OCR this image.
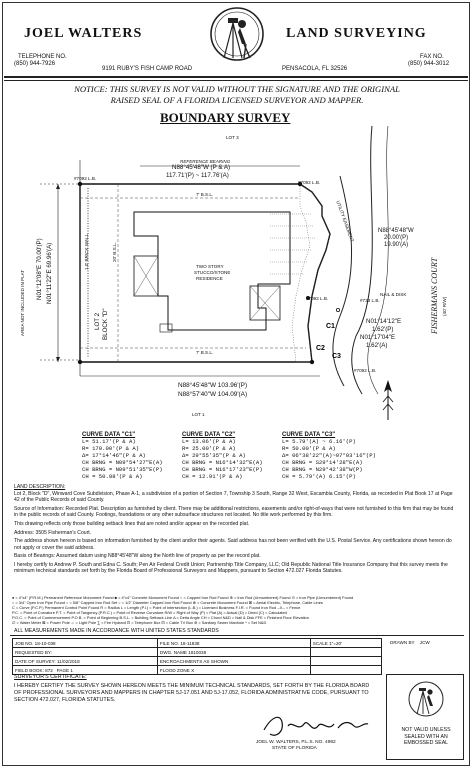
JOEL WALTERS	LAND SURVEYING
TELEPHONE NO.
(850) 944-7926
FAX NO.
(850) 944-3012
9191 RUBY'S FISH CAMP ROAD	PENSACOLA, FL 32526
NOTICE: THIS SURVEY IS NOT VALID WITHOUT THE SIGNATURE AND THE ORIGINAL
RAISED SEAL OF A FLORIDA LICENSED SURVEYOR AND MAPPER.
BOUNDARY SURVEY
C1
C2
C3
LOT 3
REFERENCE BEARING
N88°45'48"W (P & A)
117.71'(P) ~ 117.76'(A)
#7092 L.B.
#7092 L.B.
7' B.S.L.
N01°12'08"E 70.00'(P) N01°11'22"E 69.96'(A)
AREA NOT INCLUDED IN PLAT
1.0' BRICK WALL	20' B.S.L.
TWO STORY
STUCCO/STONE
RESIDENCE
LOT 2 BLOCK "D"
7' B.S.L.
UTILITY EASEMENT	N88°45'48"W
20.00'(P)
19.90'(A)
NAIL & DISK
#733 L.B.
#7092 L.B.
N01°14'12"E
1.62'(P)
N01°17'04"E
1.62'(A)
#7092 L.B.
FISHERMANS COURT (40' R/W)
N88°45'48"W 103.96'(P)
N88°57'40"W 104.09'(A)
LOT 1
CURVE DATA "C1"
L= 51.17'(P & A)
R= 170.00'(P & A)
Δ= 17°14'46"(P & A)
CH BRNG = N09°54'27"E(A)
CH BRNG = N09°51'35"E(P)
CH = 50.98'(P & A)
CURVE DATA "C2"
L= 13.06'(P & A)
R= 25.00'(P & A)
Δ= 29°55'35"(P & A)
CH BRNG = N16°14'32"E(A)
CH BRNG = N16°17'23"E(P)
CH = 12.91'(P & A)
CURVE DATA "C3"
L= 5.79'(A) ~ 6.16'(P)
R= 50.00'(P & A)
Δ= 06°38'22"(A)~07°03'16"(P)
CH BRNG = S29°14'28"E(A)
CH BRNG = N29°42'38"W(P)
CH = 5.79'(A) 6.15'(P)

LAND DESCRIPTION:

Lot 2, Block "D", Winward Cove Subdivision, Phase A-1, a subdivision of a portion of Section 7, Township 3 South, Range 32 West, Escambia County, Florida, as recorded in Plat Book 17 at Page 42 of the Public Records of said County.

Source of Information: Recorded Plat. Description as furnished by client. There may be additional restrictions, easements and/or right-of-ways that were not furnished to this firm that may be found in the public records of said County. Footings, foundations or any other subsurface structures not located. No title work performed by this firm.

This drawing reflects only those building setback lines that are noted and/or appear on the recorded plat.

Address: 3505 Fisherman's Court.

The address shown hereon is based on information furnished by the client and/or their agents. Said address has not been verified with the U.S. Postal Service. Any certifications shown hereon do not apply or cover the said address.

Basis of Bearings: Assumed datum using N88°45'48"W along the North line of property as per the record plat.

I hereby certify to Andrew P. South and Edna C. South; Pen Air Federal Credit Union; Partnership Title Company, LLC; Old Republic National Title Insurance Company that this survey meets the minimum technical standards set forth by the Florida Board of Professional Surveyors and Mappers, pursuant to Section 472.027 Florida Statutes.

● = 4"x4" (P.R.M.) Permanent Reference Monument Found ■ = 4"x4" Concrete Monument Found ○ = Capped Iron Rod Found ⊕ = Iron Rod (Unnumbered) Found ⊙ = Iron Pipe (Unnumbered) Found
○ = 3/4" Open Iron Pipe Found ○ = 5/8" Capped Iron Rod Set ○ = 1/2" Diameter Capped Iron Rod Found ⊗ = Concrete Monument Found ⊠ = Aerial Electric, Telephone, Cable Lines
C = Curve (P.C.P.) Permanent Control Point Found R = Radius L = Length (P.I.) = Point of Intersection (L.B.) = Licensed Business F.I.R. = Found Iron Rod --X-- = Fence
P.C. = Point of Curvature P.T. = Point of Tangency (P.R.C.) = Point of Reverse Curvature R/W = Right of Way (P) = Plat (A) = Actual (D) = Deed (C) = Calculated
P.O.C. = Point of Commencement P.O.B. = Point of Beginning B.S.L. = Building Setback Line Δ = Delta Angle CH = Chord N&D = Nail & Disk FFE = Finished Floor Elevation
∅ = Water Meter ⊠ = Power Pole ☼ = Light Pole ∑ = Fire Hydrant ⊡ = Telephone Box ⊟ = Cable TV Box ⊚ = Sanitary Sewer Manhole * = Set N&D
ALL MEASUREMENTS MADE IN ACCORDANCE WITH UNITED STATES STANDARDS
JOB NO. 18-10-038	FILE NO. 18-11838	SCALE 1"=20'
REQUESTED BY:	DWG. NAME 1810038	
DATE OF SURVEY: 11/02/2018	ENCROACHMENTS AS SHOWN	
FIELD BOOK: 872 PAGE 1	FLOOD ZONE X	
DRAWN BY JCW
SURVEYOR'S CERTIFICATE:
I HEREBY CERTIFY THE SURVEY SHOWN HEREON MEETS THE MINIMUM TECHNICAL STANDARDS, SET FORTH BY THE FLORIDA BOARD OF PROFESSIONAL SURVEYORS AND MAPPERS IN CHAPTER 5J-17.051 AND 5J-17.052, FLORIDA ADMINISTRATIVE CODE, PURSUANT TO SECTION 472.027, FLORIDA STATUTES.
JOEL W. WALTERS, P.L.S. NO. 4982
STATE OF FLORIDA
NOT VALID UNLESS SEALED WITH AN EMBOSSED SEAL
